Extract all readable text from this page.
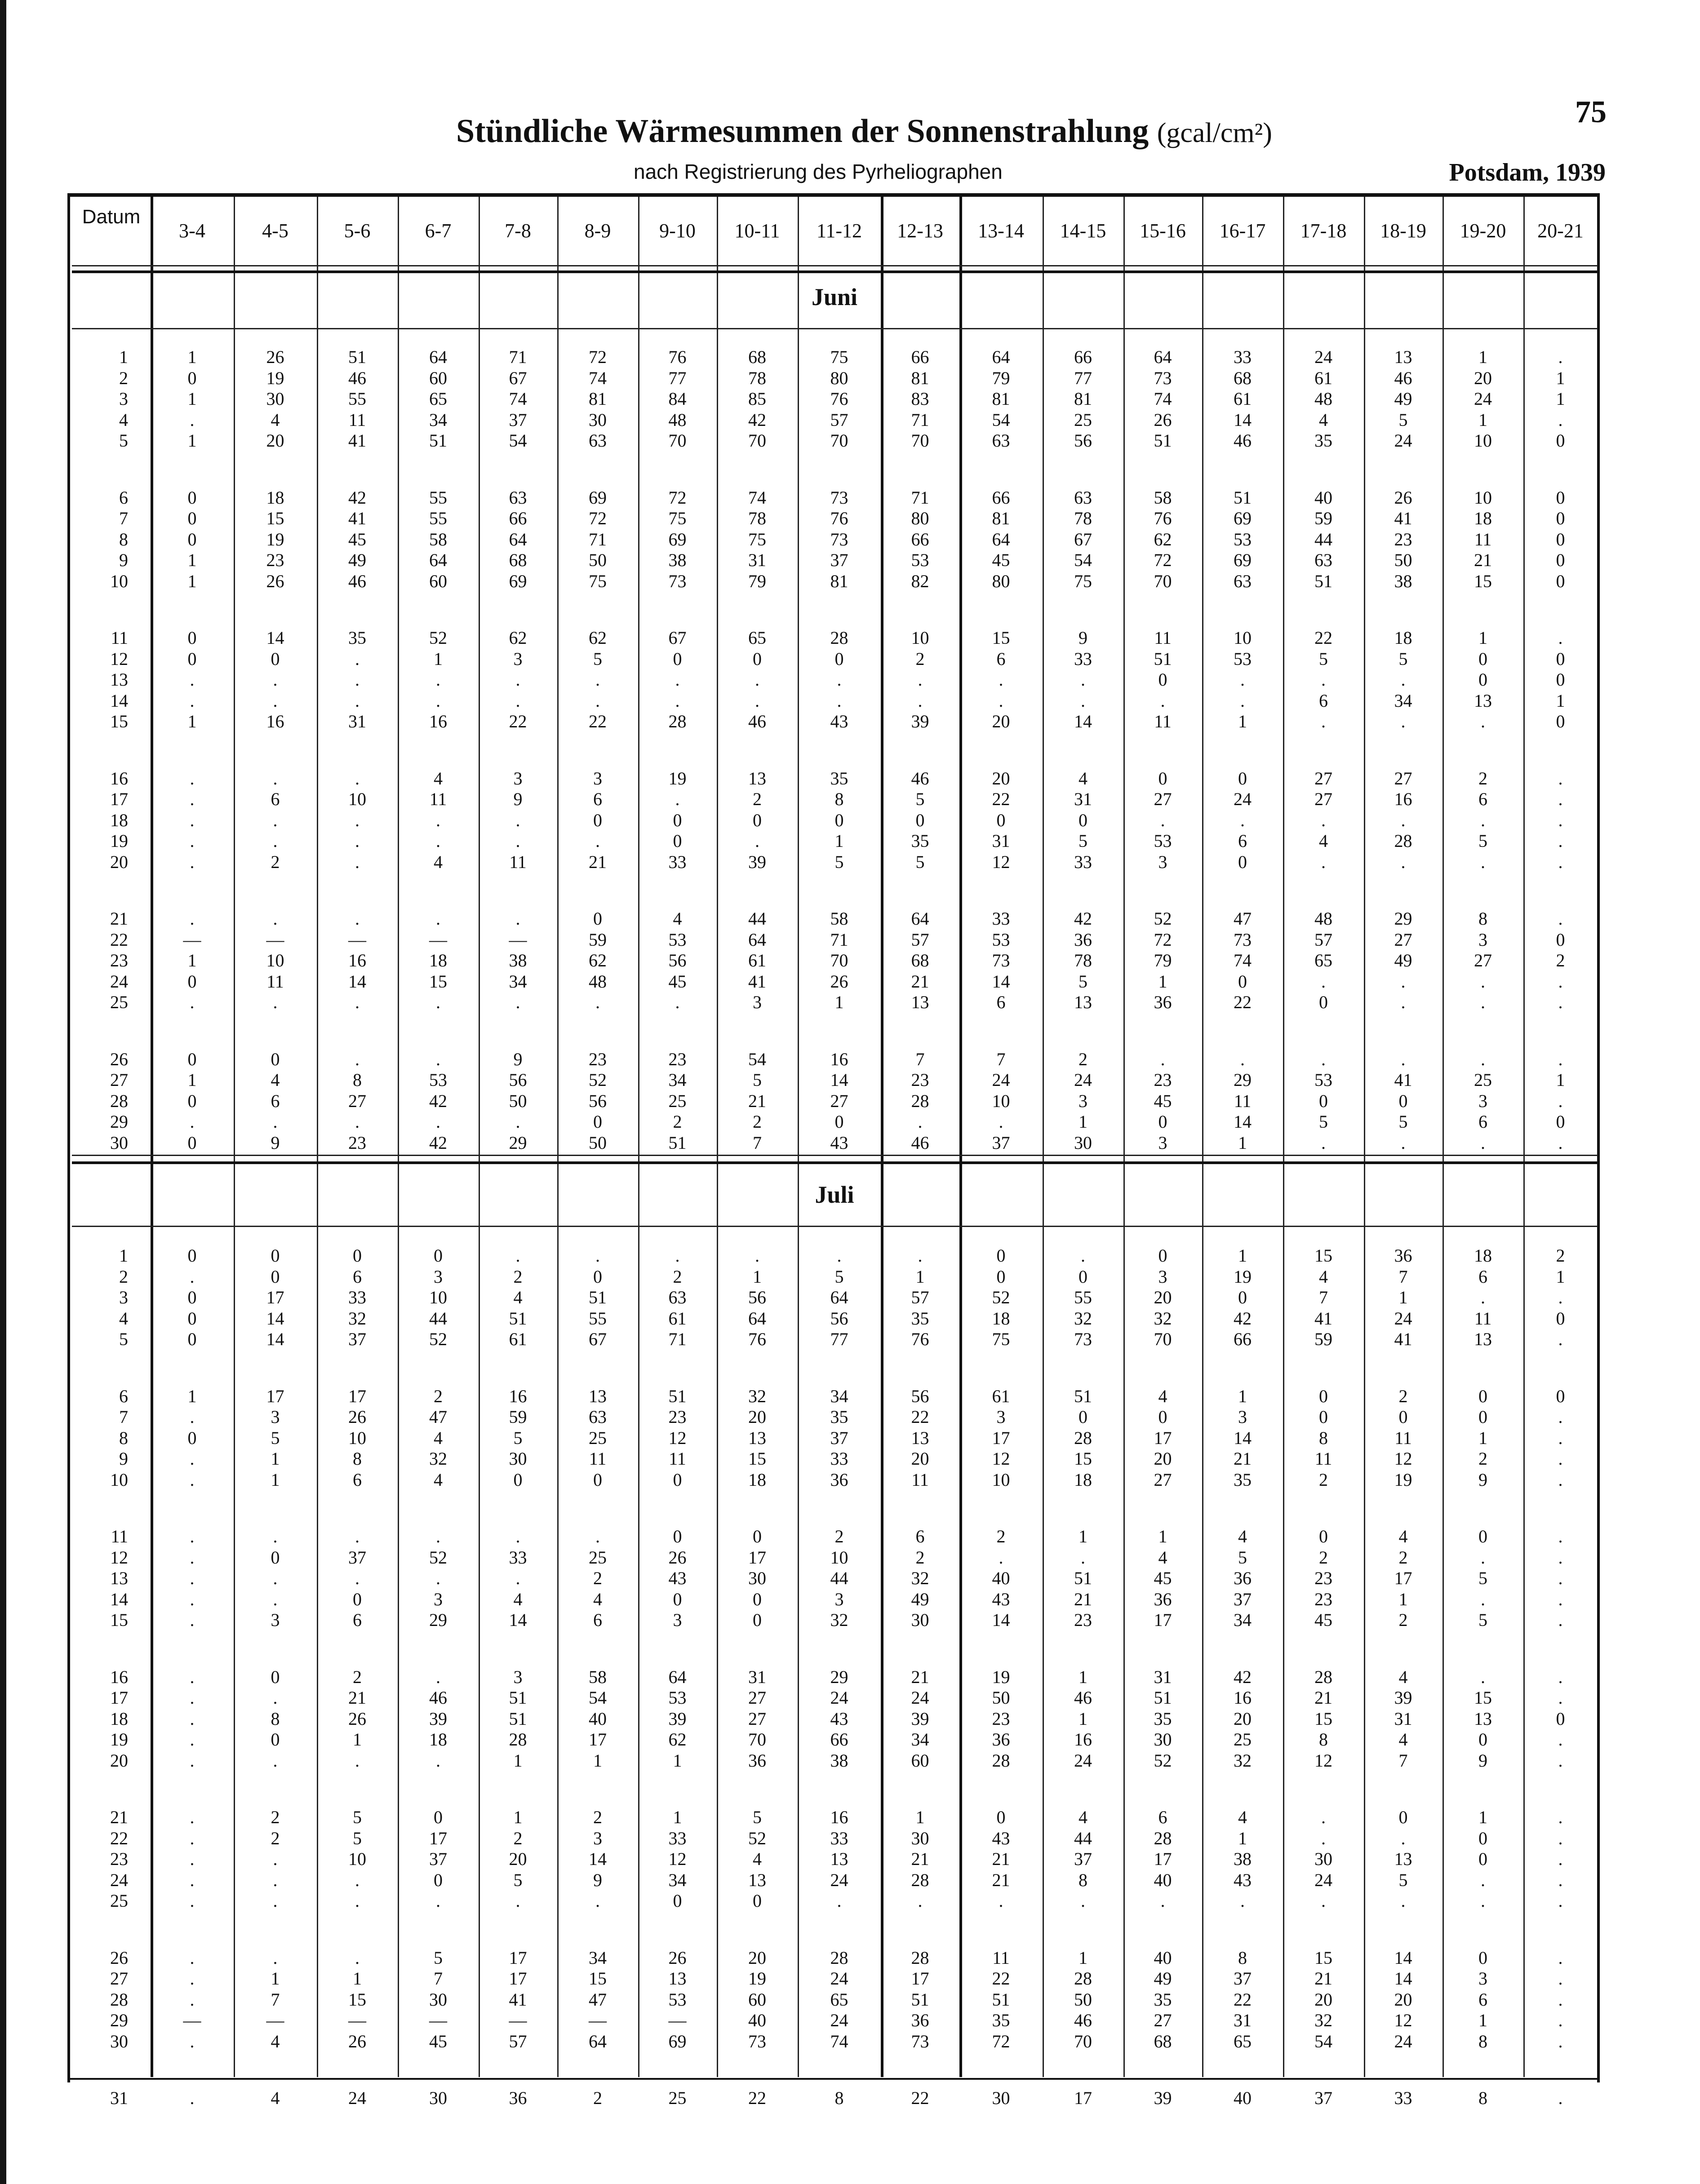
75
Stündliche Wärmesummen der Sonnenstrahlung (gcal/cm²)
nach Registrierung des Pyrheliographen	Potsdam, 1939
Datum
3-4	4-5	5-6	6-7	7-8	8-9	9-10	10-11	11-12	12-13	13-14	14-15	15-16	16-17	17-18	18-19	19-20	20-21
Juni
1	1	26	51	64	71	72	76	68	75	66	64	66	64	33	24	13	1	.
2	0	19	46	60	67	74	77	78	80	81	79	77	73	68	61	46	20	1
3	1	30	55	65	74	81	84	85	76	83	81	81	74	61	48	49	24	1
4	.	4	11	34	37	30	48	42	57	71	54	25	26	14	4	5	1	.
5	1	20	41	51	54	63	70	70	70	70	63	56	51	46	35	24	10	0
6	0	18	42	55	63	69	72	74	73	71	66	63	58	51	40	26	10	0
7	0	15	41	55	66	72	75	78	76	80	81	78	76	69	59	41	18	0
8	0	19	45	58	64	71	69	75	73	66	64	67	62	53	44	23	11	0
9	1	23	49	64	68	50	38	31	37	53	45	54	72	69	63	50	21	0
10	1	26	46	60	69	75	73	79	81	82	80	75	70	63	51	38	15	0
11	0	14	35	52	62	62	67	65	28	10	15	9	11	10	22	18	1	.
12	0	0	.	1	3	5	0	0	0	2	6	33	51	53	5	5	0	0
13	.	.	.	.	.	.	.	.	.	.	.	.	0	.	.	.	0	0
14	.	.	.	.	.	.	.	.	.	.	.	.	.	.	6	34	13	1
15	1	16	31	16	22	22	28	46	43	39	20	14	11	1	.	.	.	0
16	.	.	.	4	3	3	19	13	35	46	20	4	0	0	27	27	2	.
17	.	6	10	11	9	6	.	2	8	5	22	31	27	24	27	16	6	.
18	.	.	.	.	.	0	0	0	0	0	0	0	.	.	.	.	.	.
19	.	.	.	.	.	.	0	.	1	35	31	5	53	6	4	28	5	.
20	.	2	.	4	11	21	33	39	5	5	12	33	3	0	.	.	.	.
21	.	.	.	.	.	0	4	44	58	64	33	42	52	47	48	29	8	.
22	—	—	—	—	—	59	53	64	71	57	53	36	72	73	57	27	3	0
23	1	10	16	18	38	62	56	61	70	68	73	78	79	74	65	49	27	2
24	0	11	14	15	34	48	45	41	26	21	14	5	1	0	.	.	.	.
25	.	.	.	.	.	.	.	3	1	13	6	13	36	22	0	.	.	.
26	0	0	.	.	9	23	23	54	16	7	7	2	.	.	.	.	.	.
27	1	4	8	53	56	52	34	5	14	23	24	24	23	29	53	41	25	1
28	0	6	27	42	50	56	25	21	27	28	10	3	45	11	0	0	3	.
29	.	.	.	.	.	0	2	2	0	.	.	1	0	14	5	5	6	0
30	0	9	23	42	29	50	51	7	43	46	37	30	3	1	.	.	.	.
Juli
1	0	0	0	0	.	.	.	.	.	.	0	.	0	1	15	36	18	2
2	.	0	6	3	2	0	2	1	5	1	0	0	3	19	4	7	6	1
3	0	17	33	10	4	51	63	56	64	57	52	55	20	0	7	1	.	.
4	0	14	32	44	51	55	61	64	56	35	18	32	32	42	41	24	11	0
5	0	14	37	52	61	67	71	76	77	76	75	73	70	66	59	41	13	.
6	1	17	17	2	16	13	51	32	34	56	61	51	4	1	0	2	0	0
7	.	3	26	47	59	63	23	20	35	22	3	0	0	3	0	0	0	.
8	0	5	10	4	5	25	12	13	37	13	17	28	17	14	8	11	1	.
9	.	1	8	32	30	11	11	15	33	20	12	15	20	21	11	12	2	.
10	.	1	6	4	0	0	0	18	36	11	10	18	27	35	2	19	9	.
11	.	.	.	.	.	.	0	0	2	6	2	1	1	4	0	4	0	.
12	.	0	37	52	33	25	26	17	10	2	.	.	4	5	2	2	.	.
13	.	.	.	.	.	2	43	30	44	32	40	51	45	36	23	17	5	.
14	.	.	0	3	4	4	0	0	3	49	43	21	36	37	23	1	.	.
15	.	3	6	29	14	6	3	0	32	30	14	23	17	34	45	2	5	.
16	.	0	2	.	3	58	64	31	29	21	19	1	31	42	28	4	.	.
17	.	.	21	46	51	54	53	27	24	24	50	46	51	16	21	39	15	.
18	.	8	26	39	51	40	39	27	43	39	23	1	35	20	15	31	13	0
19	.	0	1	18	28	17	62	70	66	34	36	16	30	25	8	4	0	.
20	.	.	.	.	1	1	1	36	38	60	28	24	52	32	12	7	9	.
21	.	2	5	0	1	2	1	5	16	1	0	4	6	4	.	0	1	.
22	.	2	5	17	2	3	33	52	33	30	43	44	28	1	.	.	0	.
23	.	.	10	37	20	14	12	4	13	21	21	37	17	38	30	13	0	.
24	.	.	.	0	5	9	34	13	24	28	21	8	40	43	24	5	.	.
25	.	.	.	.	.	.	0	0	.	.	.	.	.	.	.	.	.	.
26	.	.	.	5	17	34	26	20	28	28	11	1	40	8	15	14	0	.
27	.	1	1	7	17	15	13	19	24	17	22	28	49	37	21	14	3	.
28	.	7	15	30	41	47	53	60	65	51	51	50	35	22	20	20	6	.
29	—	—	—	—	—	—	—	40	24	36	35	46	27	31	32	12	1	.
30	.	4	26	45	57	64	69	73	74	73	72	70	68	65	54	24	8	.
31	.	4	24	30	36	2	25	22	8	22	30	17	39	40	37	33	8	.
